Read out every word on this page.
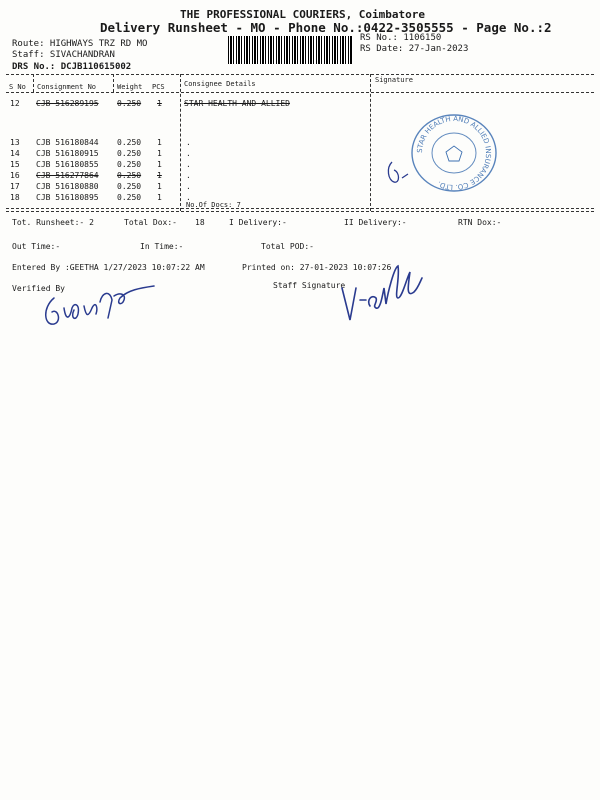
THE PROFESSIONAL COURIERS, Coimbatore
Delivery Runsheet - MO - Phone No.:0422-3505555 - Page No.:2
Route: HIGHWAYS TRZ RD MO
Staff: SIVACHANDRAN
DRS No.: DCJB110615002
RS No.: 1106150
RS Date: 27-Jan-2023
S No Consignment No	Weight PCS	Consignee Details	Signature
12 CJB 516289195 0.250 1	STAR HEALTH AND ALLIED
13 CJB 516180844 0.250 1	.
14 CJB 516180915 0.250 1	.
15 CJB 516180855 0.250 1	.
16 CJB 516277864 0.250 1	.
17 CJB 516180880 0.250 1	.
18 CJB 516180895 0.250 1	.
No.Of Docs: 7
STAR HEALTH AND ALLIED INSURANCE CO. LTD.
Tot. Runsheet:- 2	Total Dox:- 18	I Delivery:-	II Delivery:-	RTN Dox:-
Out Time:-	In Time:-	Total POD:-
Entered By :GEETHA 1/27/2023 10:07:22 AM	Printed on: 27-01-2023 10:07:26
Verified By	Staff Signature
